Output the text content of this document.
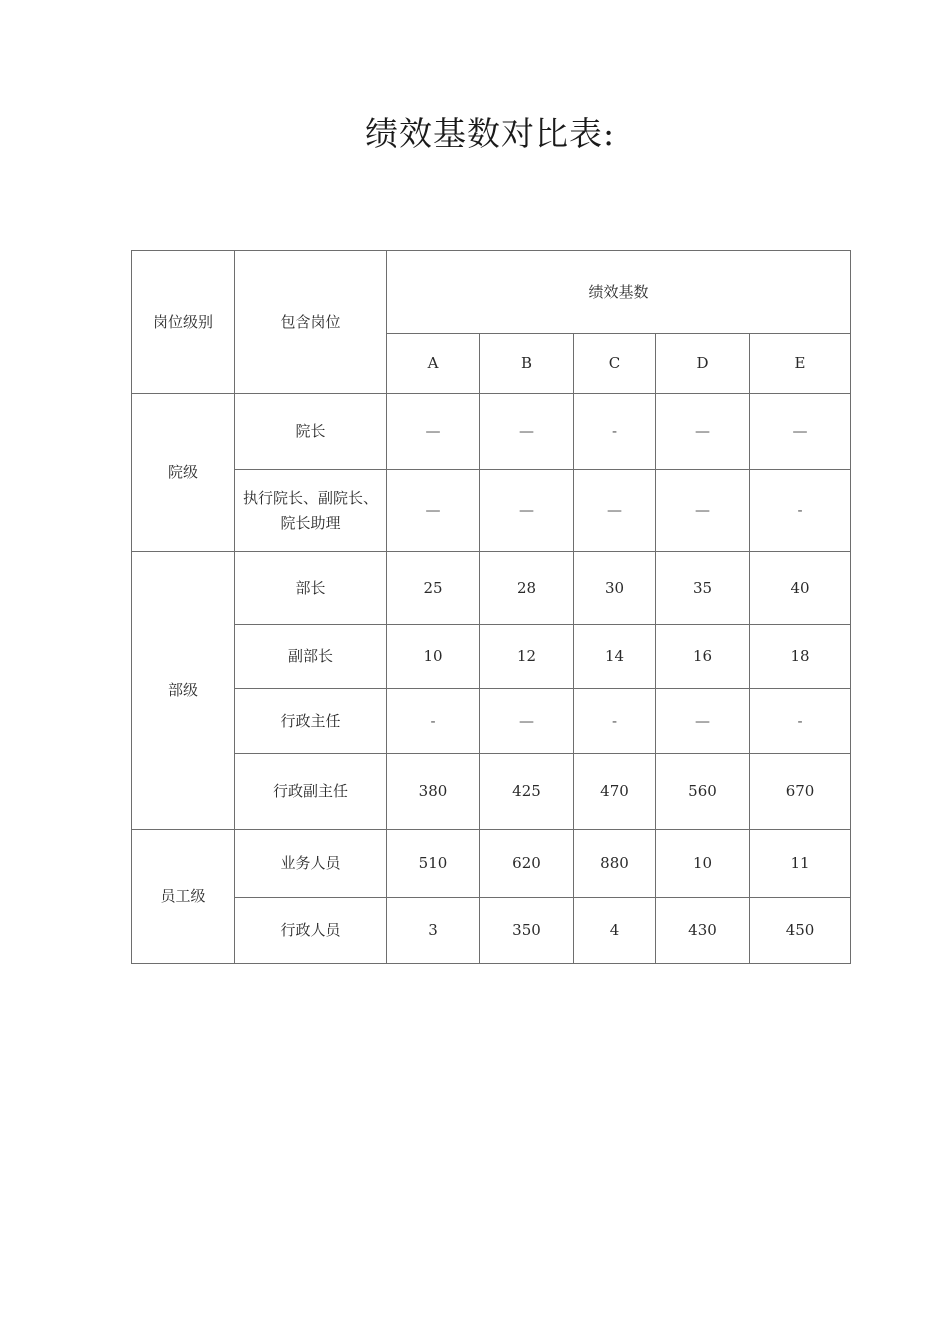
绩效基数对比表:
岗位级别	包含岗位	绩效基数				
		A	B	C	D	E
院级	院长	—	—	-	—	—
	执行院长、副院长、院长助理	—	—	—	—	-
部级	部长	25	28	30	35	40
	副部长	10	12	14	16	18
	行政主任	-	—	-	—	-
	行政副主任	380	425	470	560	670
员工级	业务人员	510	620	880	10	11
	行政人员	3	350	4	430	450
